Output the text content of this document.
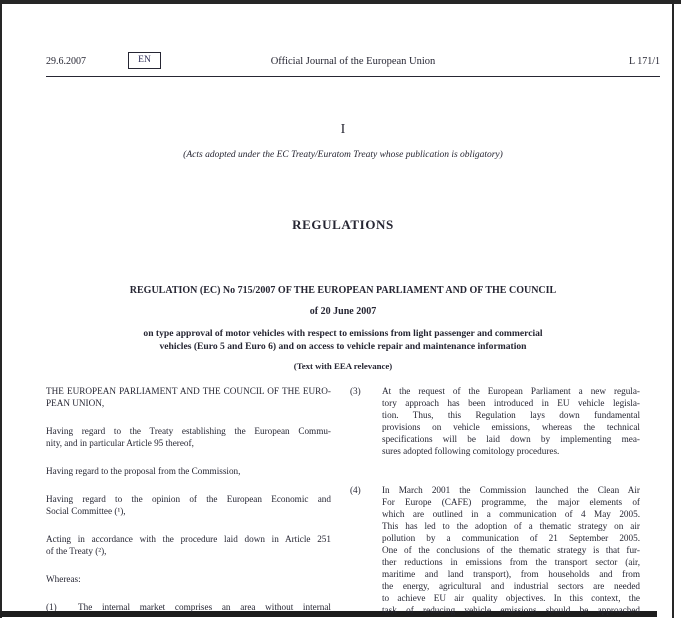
29.6.2007	EN	Official Journal of the European Union	L 171/1
I
(Acts adopted under the EC Treaty/Euratom Treaty whose publication is obligatory)
REGULATIONS
REGULATION (EC) No 715/2007 OF THE EUROPEAN PARLIAMENT AND OF THE COUNCIL
of 20 June 2007
on type approval of motor vehicles with respect to emissions from light passenger and commercial
vehicles (Euro 5 and Euro 6) and on access to vehicle repair and maintenance information
(Text with EEA relevance)
THE EUROPEAN PARLIAMENT AND THE COUNCIL OF THE EURO-
PEAN UNION,
Having regard to the Treaty establishing the European Commu-
nity, and in particular Article 95 thereof,
Having regard to the proposal from the Commission,
Having regard to the opinion of the European Economic and
Social Committee (¹),
Acting in accordance with the procedure laid down in Article 251
of the Treaty (²),
Whereas:
(1) The internal market comprises an area without internal
(3) At the request of the European Parliament a new regula-
tory approach has been introduced in EU vehicle legisla-
tion. Thus, this Regulation lays down fundamental
provisions on vehicle emissions, whereas the technical
specifications will be laid down by implementing mea-
sures adopted following comitology procedures.
(4) In March 2001 the Commission launched the Clean Air
For Europe (CAFE) programme, the major elements of
which are outlined in a communication of 4 May 2005.
This has led to the adoption of a thematic strategy on air
pollution by a communication of 21 September 2005.
One of the conclusions of the thematic strategy is that fur-
ther reductions in emissions from the transport sector (air,
maritime and land transport), from households and from
the energy, agricultural and industrial sectors are needed
to achieve EU air quality objectives. In this context, the
task of reducing vehicle emissions should be approached
